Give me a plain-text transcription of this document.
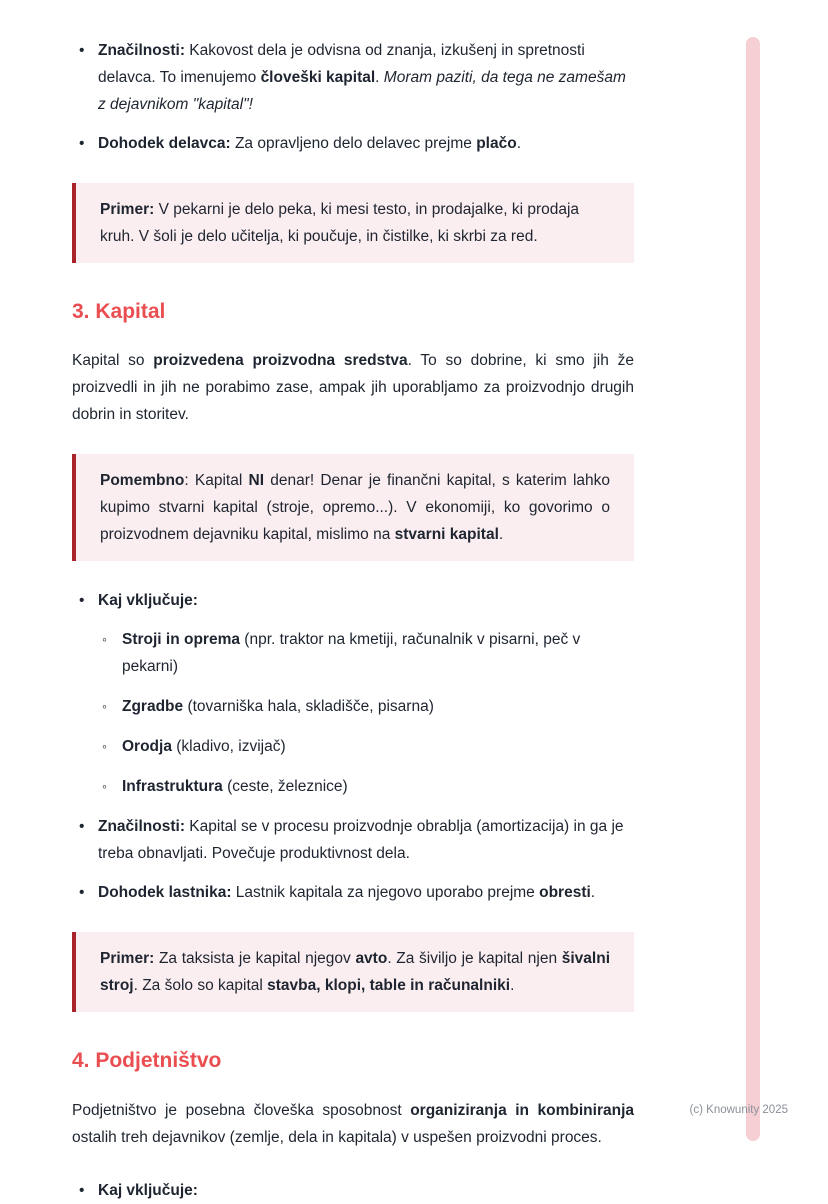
• Značilnosti: Kakovost dela je odvisna od znanja, izkušenj in spretnosti delavca. To imenujemo človeški kapital. Moram paziti, da tega ne zamešam z dejavnikom "kapital"!
• Dohodek delavca: Za opravljeno delo delavec prejme plačo.

Primer: V pekarni je delo peka, ki mesi testo, in prodajalke, ki prodaja kruh. V šoli je delo učitelja, ki poučuje, in čistilke, ki skrbi za red.

3. Kapital

Kapital so proizvedena proizvodna sredstva. To so dobrine, ki smo jih že proizvedli in jih ne porabimo zase, ampak jih uporabljamo za proizvodnjo drugih dobrin in storitev.

Pomembno: Kapital NI denar! Denar je finančni kapital, s katerim lahko kupimo stvarni kapital (stroje, opremo...). V ekonomiji, ko govorimo o proizvodnem dejavniku kapital, mislimo na stvarni kapital.

• Kaj vključuje:
◦ Stroji in oprema (npr. traktor na kmetiji, računalnik v pisarni, peč v pekarni)
◦ Zgradbe (tovarniška hala, skladišče, pisarna)
◦ Orodja (kladivo, izvijač)
◦ Infrastruktura (ceste, železnice)
• Značilnosti: Kapital se v procesu proizvodnje obrablja (amortizacija) in ga je treba obnavljati. Povečuje produktivnost dela.
• Dohodek lastnika: Lastnik kapitala za njegovo uporabo prejme obresti.

Primer: Za taksista je kapital njegov avto. Za šiviljo je kapital njen šivalni stroj. Za šolo so kapital stavba, klopi, table in računalniki.

4. Podjetništvo

Podjetništvo je posebna človeška sposobnost organiziranja in kombiniranja ostalih treh dejavnikov (zemlje, dela in kapitala) v uspešen proizvodni proces.

• Kaj vključuje:
(c) Knowunity 2025
